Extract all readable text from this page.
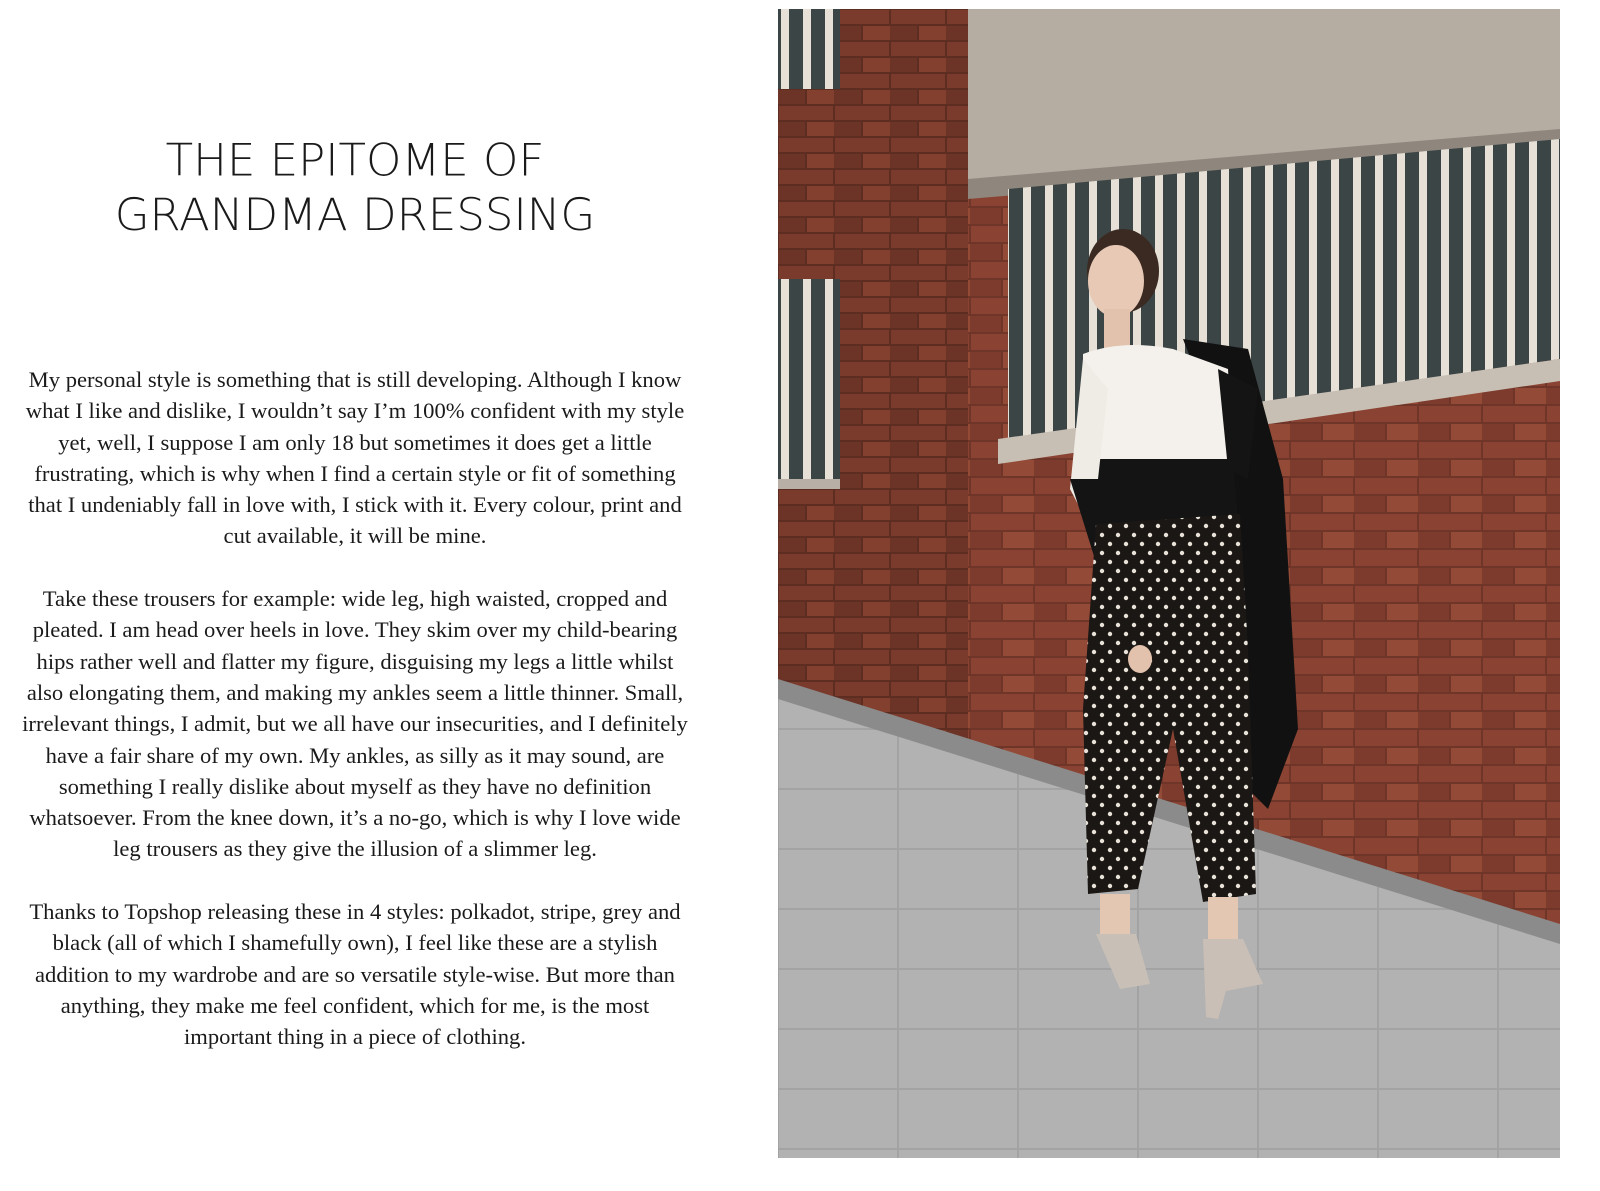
THE EPITOME OF
GRANDMA DRESSING

My personal style is something that is still developing. Although I know what I like and dislike, I wouldn’t say I’m 100% confident with my style yet, well, I suppose I am only 18 but sometimes it does get a little frustrating, which is why when I find a certain style or fit of something that I undeniably fall in love with, I stick with it. Every colour, print and cut available, it will be mine.

Take these trousers for example: wide leg, high waisted, cropped and pleated. I am head over heels in love. They skim over my child-bearing hips rather well and flatter my figure, disguising my legs a little whilst also elongating them, and making my ankles seem a little thinner. Small, irrelevant things, I admit, but we all have our insecurities, and I definitely have a fair share of my own. My ankles, as silly as it may sound, are something I really dislike about myself as they have no definition whatsoever. From the knee down, it’s a no-go, which is why I love wide leg trousers as they give the illusion of a slimmer leg.

Thanks to Topshop releasing these in 4 styles: polkadot, stripe, grey and black (all of which I shamefully own), I feel like these are a stylish addition to my wardrobe and are so versatile style-wise. But more than anything, they make me feel confident, which for me, is the most important thing in a piece of clothing.
